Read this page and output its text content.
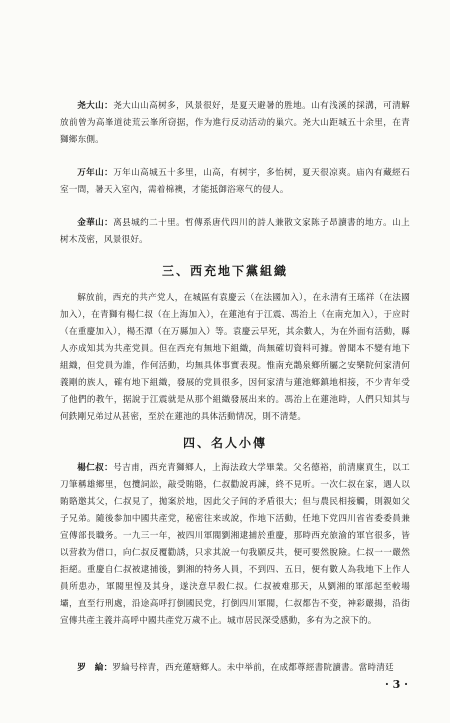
尧大山：尧大山山高树多，风景很好，是夏天避暑的胜地。山有浅溪的採溝，可清解放前曾为高峯道徒荒云峯所窃据，作为進行反动活动的巢穴。尧大山距城五十余里，在青獅鄉东側。

万年山：万年山高城五十多里，山高，有树宇，多怡树，夏天很凉爽。庙內有藏經石室一間，暑天入室內，需着棉襖，才能抵御浴寒气的侵人。

金華山：离县城约二十里。哲傳系唐代四川的詩人兼散文家陈子昂讀書的地方。山上树木茂密，风景很好。

三、西充地下黨組織

解放前，西充的共产党人，在城區有袁慶云（在法國加入），在永清有王瑤祥（在法國加入），在青獅有楊仁叔（在上海加入），在蓮池有于江震、馮治上（在南充加入），于应时（在重慶加入），楊丕潭（在万縣加入）等。袁慶云早死，其余數人，为在外面有活動，縣人亦成知其为共產党員。但在西充有無地下組織，尚無確切資料可據。曾聞本不變有地下組織，但党員为誰，作何活動，均無具体事實表現。惟南充鵲泉鄉所屬之安樂院何家清何義剛的族人，確有地下組織，發展的党員很多，因何家清与蓮池鄉鎮地相接，不少青年受了他們的教午，据說于江震就是从那个組織發展出来的。馮治上在蓮池時，人們只知其与何鉄剛兄弟过从甚密，至於在蓮池的具体活動情况，則不清楚。

四、名人小傳

楊仁叔：号吉甫，西充青獅鄉人，上海法政大学畢業。父名德裕，前清廩貢生，以工刀筆稱雄鄉里，包攬詞訟，敲受賄賂，仁叔勸說再諫，終不見听。一次仁叔在家，遇人以賄賂邀其父，仁叔見了，拋案於地，因此父子间的矛盾很大；但与農民相接觸，則親如父子兄弟。隨後参加中國共產党，秘密往来或說，作地下活動，任地下党四川省省委委員兼宣傳部長職务。一九三一年，被四川軍閥劉湘逮捕於重慶，那時西充旅渝的軍官很多，皆以营救为借口，向仁叔反覆勸誘，只求其說一句我願反共，便可要然脫險。仁叔一一嚴然拒絕。重慶自仁叔被逮捕後，劉湘的特务人員，不到四、五日，便有數人為我地下上作人員所患办，軍閥里惶及其身，遂決意早殺仁叔。仁叔被难那天，从劉湘的軍部起至較場壩，直至行刑處，沿途高呼打倒國民党，打倒四川軍閥，仁叔都告不变，神彩嚴揚，沿街宣傳共產主義并高呼中國共產党万歲不止。城市居民深受感動，多有为之淚下的。

罗　綸：罗綸号梓青，西充蓮塘鄉人。未中举前，在成都尊經書院讀書。當時清廷

· 3 ·
